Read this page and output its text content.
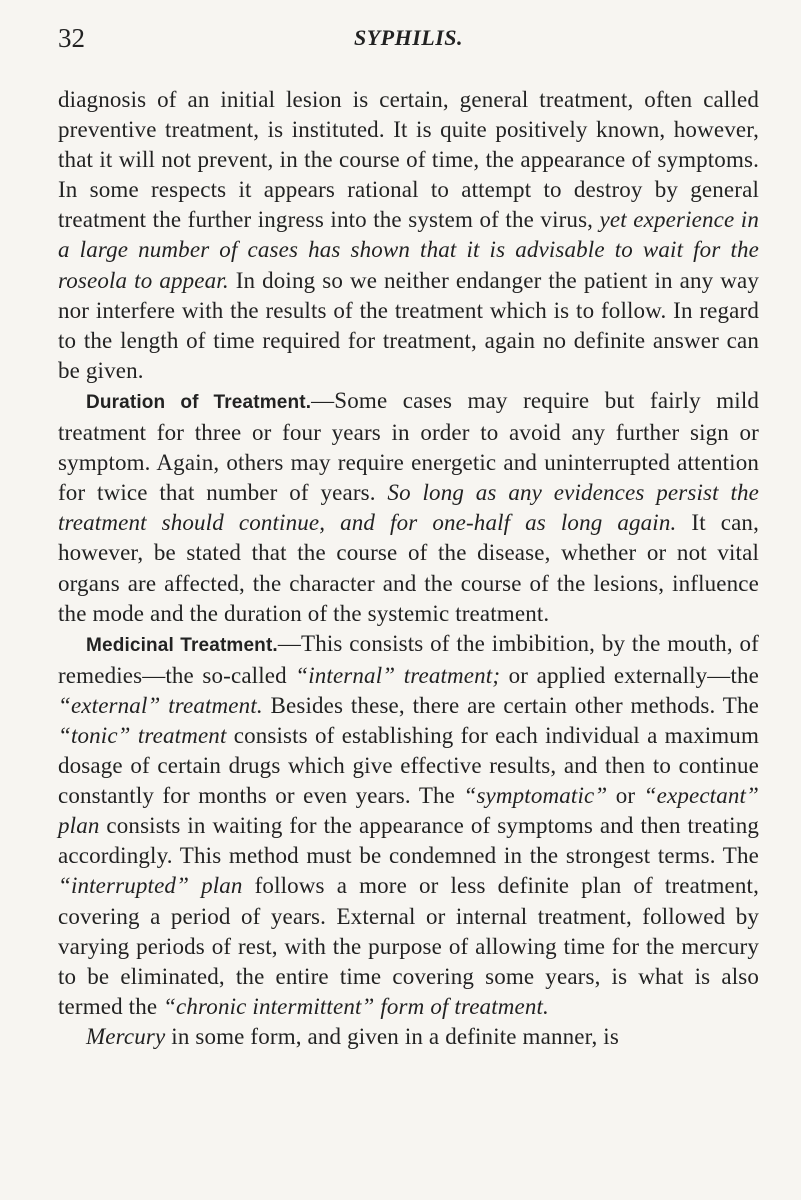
32	SYPHILIS.

diagnosis of an initial lesion is certain, general treatment, often called preventive treatment, is instituted. It is quite positively known, however, that it will not prevent, in the course of time, the appearance of symptoms. In some respects it appears rational to attempt to destroy by general treatment the further ingress into the system of the virus, yet experience in a large number of cases has shown that it is advisable to wait for the roseola to appear. In doing so we neither endanger the patient in any way nor interfere with the results of the treatment which is to follow. In regard to the length of time required for treatment, again no definite answer can be given.

Duration of Treatment.—Some cases may require but fairly mild treatment for three or four years in order to avoid any further sign or symptom. Again, others may require energetic and uninterrupted attention for twice that number of years. So long as any evidences persist the treatment should continue, and for one-half as long again. It can, however, be stated that the course of the disease, whether or not vital organs are affected, the character and the course of the lesions, influence the mode and the duration of the systemic treatment.

Medicinal Treatment.—This consists of the imbibition, by the mouth, of remedies—the so-called “internal” treatment; or applied externally—the “external” treatment. Besides these, there are certain other methods. The “tonic” treatment consists of establishing for each individual a maximum dosage of certain drugs which give effective results, and then to continue constantly for months or even years. The “symptomatic” or “expectant” plan consists in waiting for the appearance of symptoms and then treating accordingly. This method must be condemned in the strongest terms. The “interrupted” plan follows a more or less definite plan of treatment, covering a period of years. External or internal treatment, followed by varying periods of rest, with the purpose of allowing time for the mercury to be eliminated, the entire time covering some years, is what is also termed the “chronic intermittent” form of treatment.

Mercury in some form, and given in a definite manner, is
